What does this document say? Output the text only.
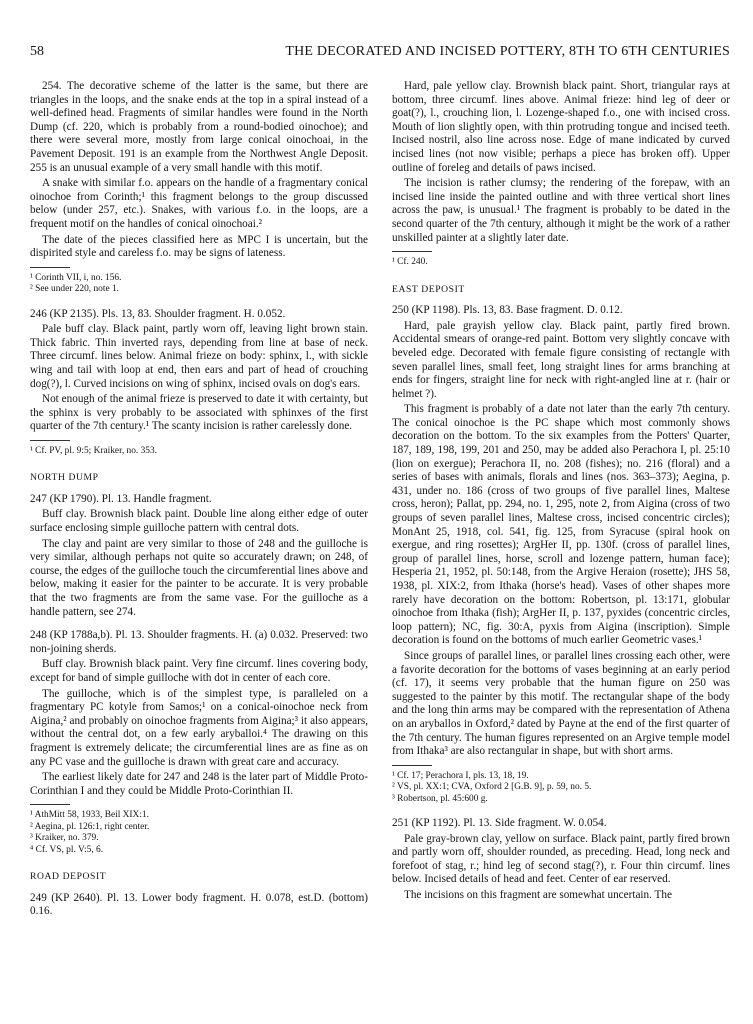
58	THE DECORATED AND INCISED POTTERY, 8TH TO 6TH CENTURIES

254. The decorative scheme of the latter is the same, but there are triangles in the loops, and the snake ends at the top in a spiral instead of a well-defined head. Fragments of similar handles were found in the North Dump (cf. 220, which is probably from a round-bodied oinochoe); and there were several more, mostly from large conical oinochoai, in the Pavement Deposit. 191 is an example from the Northwest Angle Deposit. 255 is an unusual example of a very small handle with this motif.

A snake with similar f.o. appears on the handle of a fragmentary conical oinochoe from Corinth;¹ this fragment belongs to the group discussed below (under 257, etc.). Snakes, with various f.o. in the loops, are a frequent motif on the handles of conical oinochoai.²

The date of the pieces classified here as MPC I is uncertain, but the dispirited style and careless f.o. may be signs of lateness.

¹ Corinth VII, i, no. 156.
² See under 220, note 1.

246 (KP 2135). Pls. 13, 83. Shoulder fragment. H. 0.052.

Pale buff clay. Black paint, partly worn off, leaving light brown stain. Thick fabric. Thin inverted rays, depending from line at base of neck. Three circumf. lines below. Animal frieze on body: sphinx, l., with sickle wing and tail with loop at end, then ears and part of head of crouching dog(?), l. Curved incisions on wing of sphinx, incised ovals on dog's ears.

Not enough of the animal frieze is preserved to date it with certainty, but the sphinx is very probably to be associated with sphinxes of the first quarter of the 7th century.¹ The scanty incision is rather carelessly done.

¹ Cf. PV, pl. 9:5; Kraiker, no. 353.
NORTH DUMP

247 (KP 1790). Pl. 13. Handle fragment.

Buff clay. Brownish black paint. Double line along either edge of outer surface enclosing simple guilloche pattern with central dots.

The clay and paint are very similar to those of 248 and the guilloche is very similar, although perhaps not quite so accurately drawn; on 248, of course, the edges of the guilloche touch the circumferential lines above and below, making it easier for the painter to be accurate. It is very probable that the two fragments are from the same vase. For the guilloche as a handle pattern, see 274.

248 (KP 1788a,b). Pl. 13. Shoulder fragments. H. (a) 0.032. Preserved: two non-joining sherds.

Buff clay. Brownish black paint. Very fine circumf. lines covering body, except for band of simple guilloche with dot in center of each core.

The guilloche, which is of the simplest type, is paralleled on a fragmentary PC kotyle from Samos;¹ on a conical-oinochoe neck from Aigina,² and probably on oinochoe fragments from Aigina;³ it also appears, without the central dot, on a few early aryballoi.⁴ The drawing on this fragment is extremely delicate; the circumferential lines are as fine as on any PC vase and the guilloche is drawn with great care and accuracy.

The earliest likely date for 247 and 248 is the later part of Middle Proto-Corinthian I and they could be Middle Proto-Corinthian II.

¹ AthMitt 58, 1933, Beil XIX:1.
² Aegina, pl. 126:1, right center.
³ Kraiker, no. 379.
⁴ Cf. VS, pl. V:5, 6.
ROAD DEPOSIT

249 (KP 2640). Pl. 13. Lower body fragment. H. 0.078, est.D. (bottom) 0.16.

Hard, pale yellow clay. Brownish black paint. Short, triangular rays at bottom, three circumf. lines above. Animal frieze: hind leg of deer or goat(?), l., crouching lion, l. Lozenge-shaped f.o., one with incised cross. Mouth of lion slightly open, with thin protruding tongue and incised teeth. Incised nostril, also line across nose. Edge of mane indicated by curved incised lines (not now visible; perhaps a piece has broken off). Upper outline of foreleg and details of paws incised.

The incision is rather clumsy; the rendering of the forepaw, with an incised line inside the painted outline and with three vertical short lines across the paw, is unusual.¹ The fragment is probably to be dated in the second quarter of the 7th century, although it might be the work of a rather unskilled painter at a slightly later date.

¹ Cf. 240.
EAST DEPOSIT

250 (KP 1198). Pls. 13, 83. Base fragment. D. 0.12.

Hard, pale grayish yellow clay. Black paint, partly fired brown. Accidental smears of orange-red paint. Bottom very slightly concave with beveled edge. Decorated with female figure consisting of rectangle with seven parallel lines, small feet, long straight lines for arms branching at ends for fingers, straight line for neck with right-angled line at r. (hair or helmet ?).

This fragment is probably of a date not later than the early 7th century. The conical oinochoe is the PC shape which most commonly shows decoration on the bottom. To the six examples from the Potters' Quarter, 187, 189, 198, 199, 201 and 250, may be added also Perachora I, pl. 25:10 (lion on exergue); Perachora II, no. 208 (fishes); no. 216 (floral) and a series of bases with animals, florals and lines (nos. 363–373); Aegina, p. 431, under no. 186 (cross of two groups of five parallel lines, Maltese cross, heron); Pallat, pp. 294, no. 1, 295, note 2, from Aigina (cross of two groups of seven parallel lines, Maltese cross, incised concentric circles); MonAnt 25, 1918, col. 541, fig. 125, from Syracuse (spiral hook on exergue, and ring rosettes); ArgHer II, pp. 130f. (cross of parallel lines, group of parallel lines, horse, scroll and lozenge pattern, human face); Hesperia 21, 1952, pl. 50:148, from the Argive Heraion (rosette); JHS 58, 1938, pl. XIX:2, from Ithaka (horse's head). Vases of other shapes more rarely have decoration on the bottom: Robertson, pl. 13:171, globular oinochoe from Ithaka (fish); ArgHer II, p. 137, pyxides (concentric circles, loop pattern); NC, fig. 30:A, pyxis from Aigina (inscription). Simple decoration is found on the bottoms of much earlier Geometric vases.¹

Since groups of parallel lines, or parallel lines crossing each other, were a favorite decoration for the bottoms of vases beginning at an early period (cf. 17), it seems very probable that the human figure on 250 was suggested to the painter by this motif. The rectangular shape of the body and the long thin arms may be compared with the representation of Athena on an aryballos in Oxford,² dated by Payne at the end of the first quarter of the 7th century. The human figures represented on an Argive temple model from Ithaka³ are also rectangular in shape, but with short arms.

¹ Cf. 17; Perachora I, pls. 13, 18, 19.
² VS, pl. XX:1; CVA, Oxford 2 [G.B. 9], p. 59, no. 5.
³ Robertson, pl. 45:600 g.

251 (KP 1192). Pl. 13. Side fragment. W. 0.054.

Pale gray-brown clay, yellow on surface. Black paint, partly fired brown and partly worn off, shoulder rounded, as preceding. Head, long neck and forefoot of stag, r.; hind leg of second stag(?), r. Four thin circumf. lines below. Incised details of head and feet. Center of ear reserved.

The incisions on this fragment are somewhat uncertain. The
